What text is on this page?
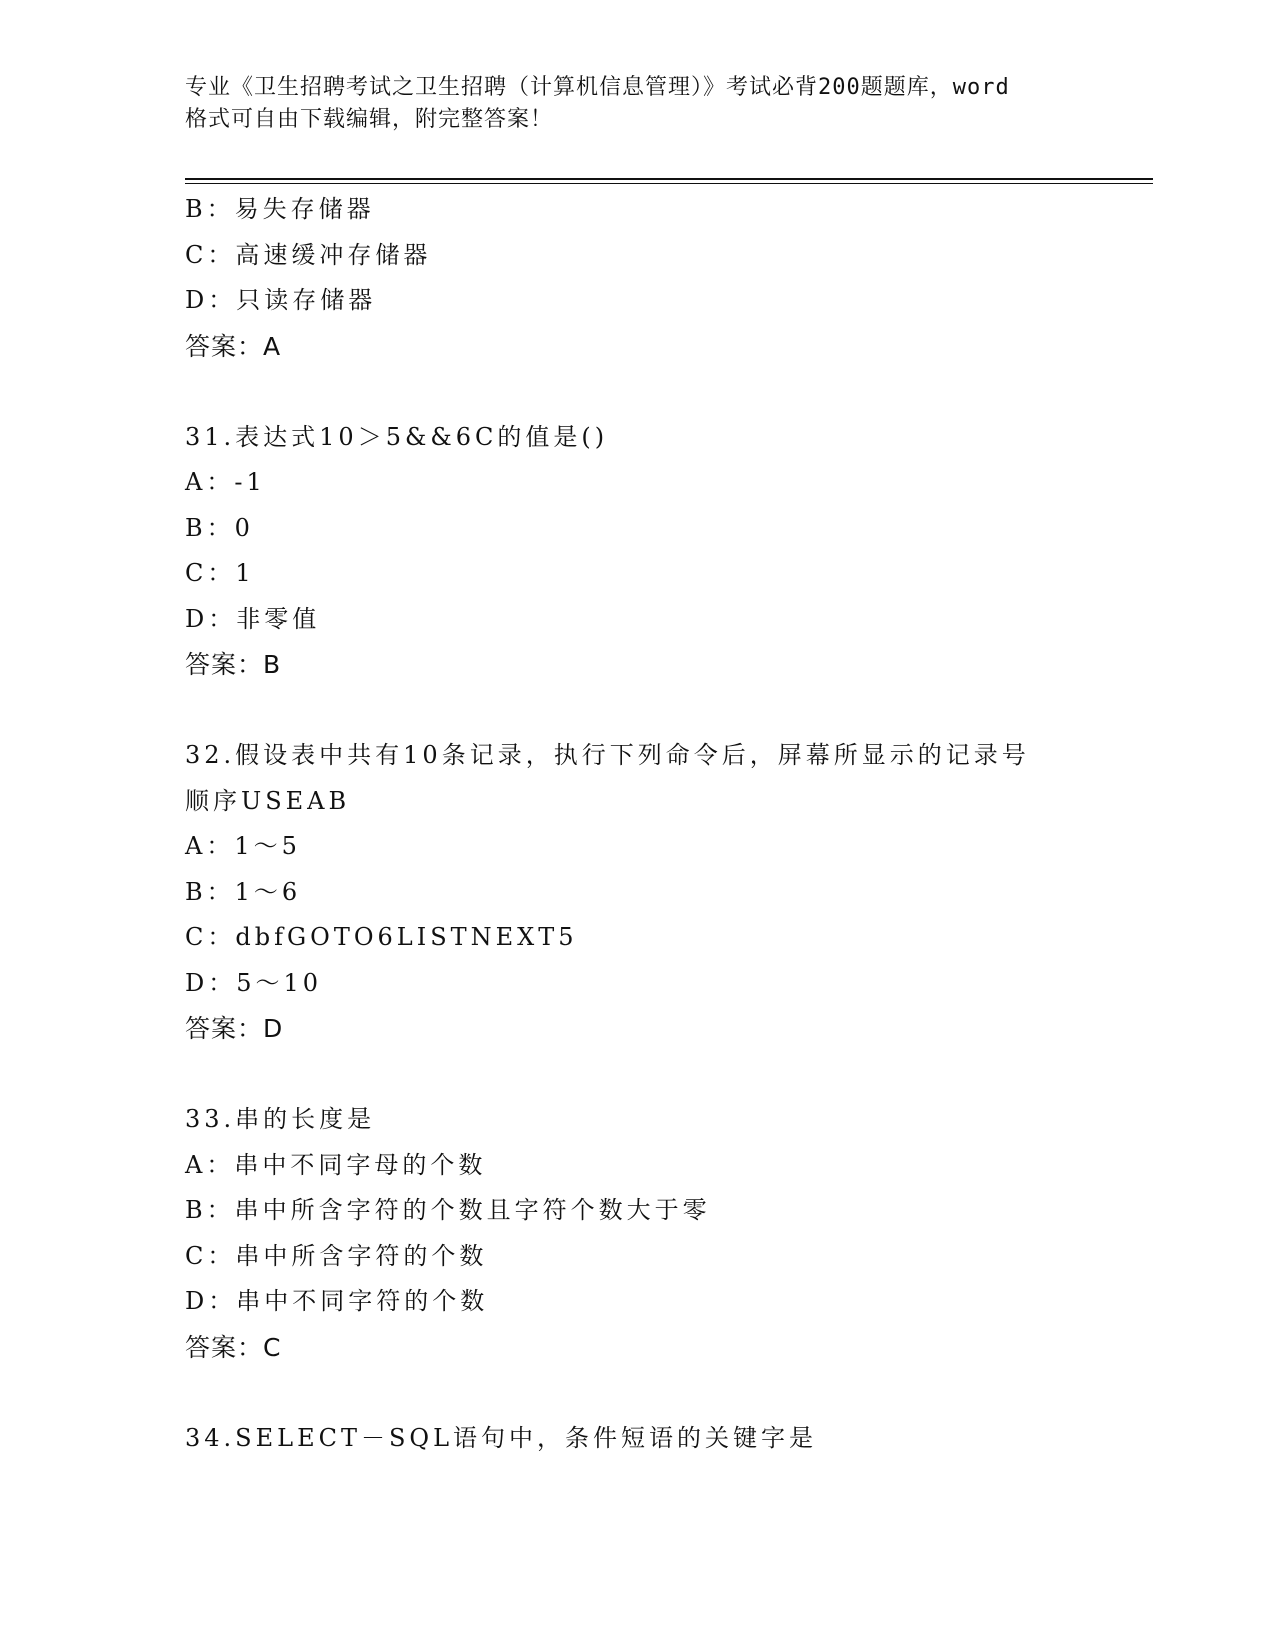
专业《卫生招聘考试之卫生招聘（计算机信息管理）》考试必背200题题库，word
格式可自由下载编辑，附完整答案！
B：易失存储器
C：高速缓冲存储器
D：只读存储器
答案：A
31.表达式10＞5&&6C的值是()
A：-1
B：0
C：1
D：非零值
答案：B
32.假设表中共有10条记录，执行下列命令后，屏幕所显示的记录号
顺序USEAB
A：1～5
B：1～6
C：dbfGOTO6LISTNEXT5
D：5～10
答案：D
33.串的长度是
A：串中不同字母的个数
B：串中所含字符的个数且字符个数大于零
C：串中所含字符的个数
D：串中不同字符的个数
答案：C
34.SELECT－SQL语句中，条件短语的关键字是
